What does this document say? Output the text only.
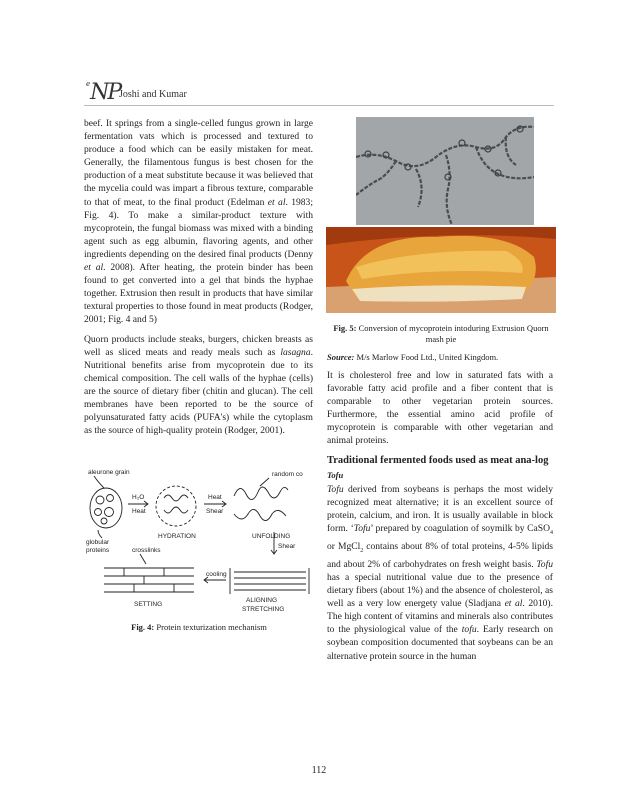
$^e$NP
Joshi and Kumar

beef. It springs from a single-celled fungus grown in large fermentation vats which is processed and textured to produce a food which can be easily mistaken for meat. Generally, the filamentous fungus is best chosen for the production of a meat substitute because it was believed that the mycelia could was impart a fibrous texture, comparable to that of meat, to the final product (Edelman et al. 1983; Fig. 4). To make a similar-product texture with mycoprotein, the fungal biomass was mixed with a binding agent such as egg albumin, flavoring agents, and other ingredients depending on the desired final products (Denny et al. 2008). After heating, the protein binder has been found to get converted into a gel that binds the hyphae together. Extrusion then result in products that have similar textural properties to those found in meat products (Rodger, 2001; Fig. 4 and 5)

Quorn products include steaks, burgers, chicken breasts as well as sliced meats and ready meals such as lasagna. Nutritional benefits arise from mycoprotein due to its chemical composition. The cell walls of the hyphae (cells) are the source of dietary fiber (chitin and glucan). The cell membranes have been reported to be the source of polyunsaturated fatty acids (PUFA's) while the cytoplasm as the source of high-quality protein (Rodger, 2001).

aleurone grain
globular
proteins
H₂O
Heat
HYDRATION
Heat
Shear
random co
UNFOLDING
Shear
crosslinks
cooling
SETTING
ALIGNING
STRETCHING
Fig. 4: Protein texturization mechanism
Fig. 5: Conversion of mycoprotein intoduring Extrusion Quorn mash pie
Source: M/s Marlow Food Ltd., United Kingdom.

It is cholesterol free and low in saturated fats with a favorable fatty acid profile and a fiber content that is comparable to other vegetarian protein sources. Furthermore, the essential amino acid profile of mycoprotein is comparable with other vegetarian and animal proteins.

Traditional fermented foods used as meat ana-log
Tofu

Tofu derived from soybeans is perhaps the most widely recognized meat alternative; it is an excellent source of protein, calcium, and iron. It is usually available in block form. ‘Tofu’ prepared by coagulation of soymilk by CaSO$_4$ or MgCl$_2$ contains about 8% of total proteins, 4-5% lipids and about 2% of carbohydrates on fresh weight basis. Tofu has a special nutritional value due to the presence of dietary fibers (about 1%) and the absence of cholesterol, as well as a very low energety value (Sladjana et al. 2010). The high content of vitamins and minerals also contributes to the physiological value of the tofu. Early research on soybean composition documented that soybeans can be an alternative protein source in the human

112
